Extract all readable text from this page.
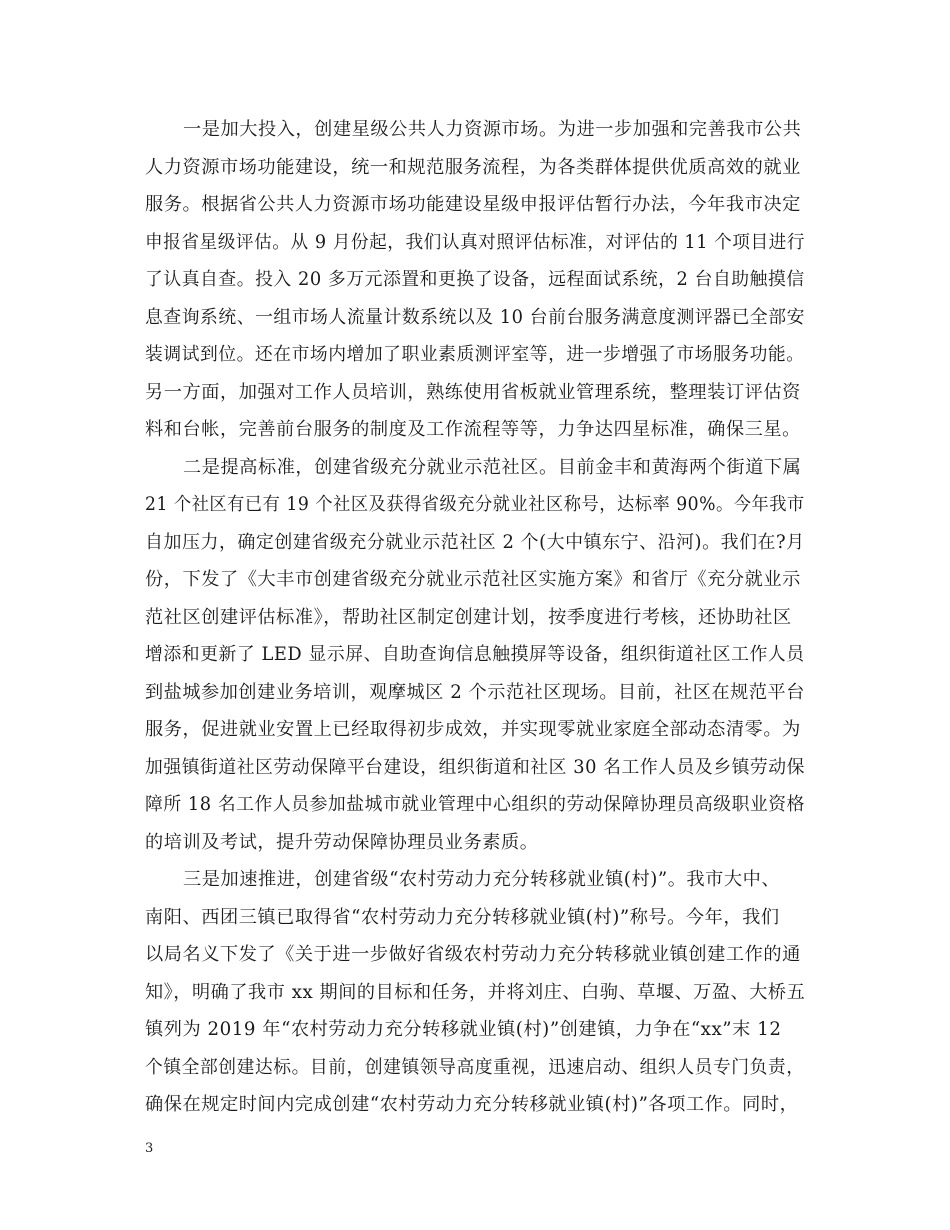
一是加大投入，创建星级公共人力资源市场。为进一步加强和完善我市公共
人力资源市场功能建设，统一和规范服务流程，为各类群体提供优质高效的就业
服务。根据省公共人力资源市场功能建设星级申报评估暂行办法，今年我市决定
申报省星级评估。从 9 月份起，我们认真对照评估标准，对评估的 11 个项目进行
了认真自查。投入 20 多万元添置和更换了设备，远程面试系统，2 台自助触摸信
息查询系统、一组市场人流量计数系统以及 10 台前台服务满意度测评器已全部安
装调试到位。还在市场内增加了职业素质测评室等，进一步增强了市场服务功能。
另一方面，加强对工作人员培训，熟练使用省板就业管理系统，整理装订评估资
料和台帐，完善前台服务的制度及工作流程等等，力争达四星标准，确保三星。
二是提高标准，创建省级充分就业示范社区。目前金丰和黄海两个街道下属
21 个社区有已有 19 个社区及获得省级充分就业社区称号，达标率 90%。今年我市
自加压力，确定创建省级充分就业示范社区 2 个(大中镇东宁、沿河)。我们在?月
份，下发了《大丰市创建省级充分就业示范社区实施方案》和省厅《充分就业示
范社区创建评估标准》，帮助社区制定创建计划，按季度进行考核，还协助社区
增添和更新了 LED 显示屏、自助查询信息触摸屏等设备，组织街道社区工作人员
到盐城参加创建业务培训，观摩城区 2 个示范社区现场。目前，社区在规范平台
服务，促进就业安置上已经取得初步成效，并实现零就业家庭全部动态清零。为
加强镇街道社区劳动保障平台建设，组织街道和社区 30 名工作人员及乡镇劳动保
障所 18 名工作人员参加盐城市就业管理中心组织的劳动保障协理员高级职业资格
的培训及考试，提升劳动保障协理员业务素质。
三是加速推进，创建省级“农村劳动力充分转移就业镇(村)”。我市大中、
南阳、西团三镇已取得省“农村劳动力充分转移就业镇(村)”称号。今年，我们
以局名义下发了《关于进一步做好省级农村劳动力充分转移就业镇创建工作的通
知》，明确了我市 xx 期间的目标和任务，并将刘庄、白驹、草堰、万盈、大桥五
镇列为 2019 年“农村劳动力充分转移就业镇(村)”创建镇，力争在“xx”末 12
个镇全部创建达标。目前，创建镇领导高度重视，迅速启动、组织人员专门负责，
确保在规定时间内完成创建“农村劳动力充分转移就业镇(村)”各项工作。同时，
3
